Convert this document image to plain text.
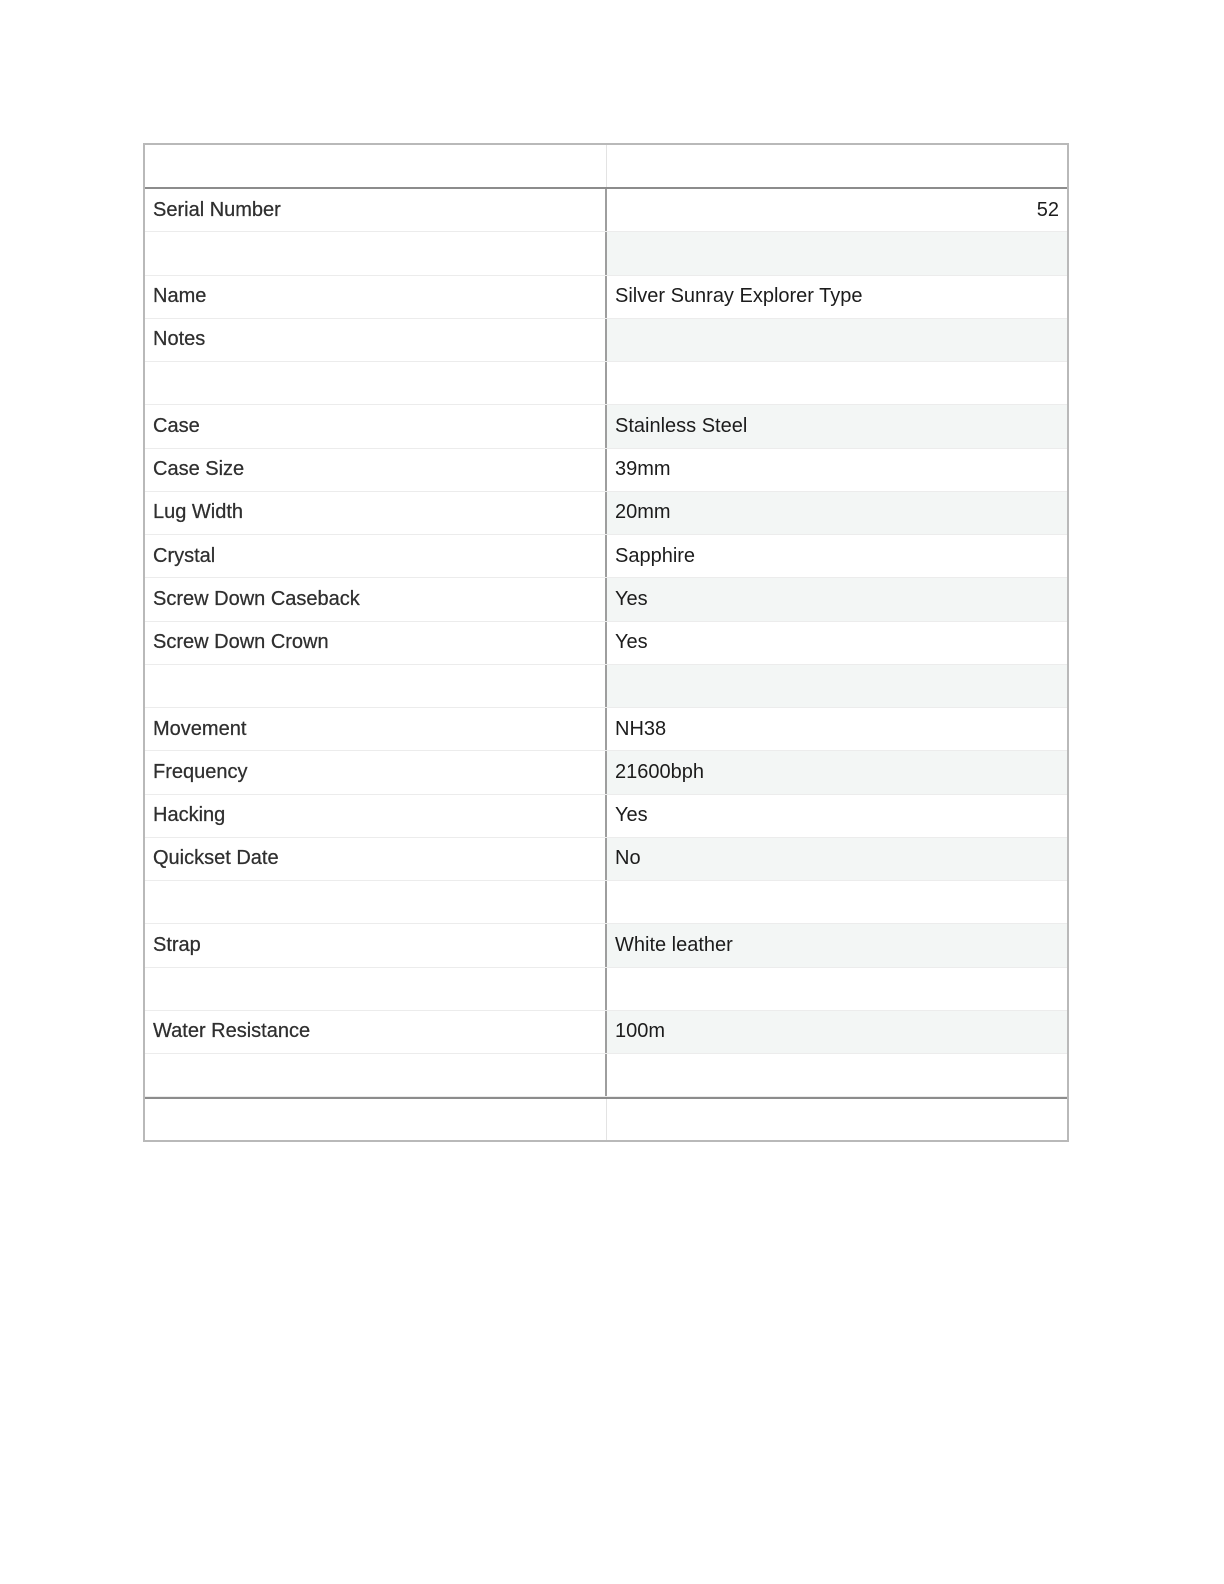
Serial Number	52
Name	Silver Sunray Explorer Type
Notes
Case	Stainless Steel
Case Size	39mm
Lug Width	20mm
Crystal	Sapphire
Screw Down Caseback	Yes
Screw Down Crown	Yes
Movement	NH38
Frequency	21600bph
Hacking	Yes
Quickset Date	No
Strap	White leather
Water Resistance	100m
